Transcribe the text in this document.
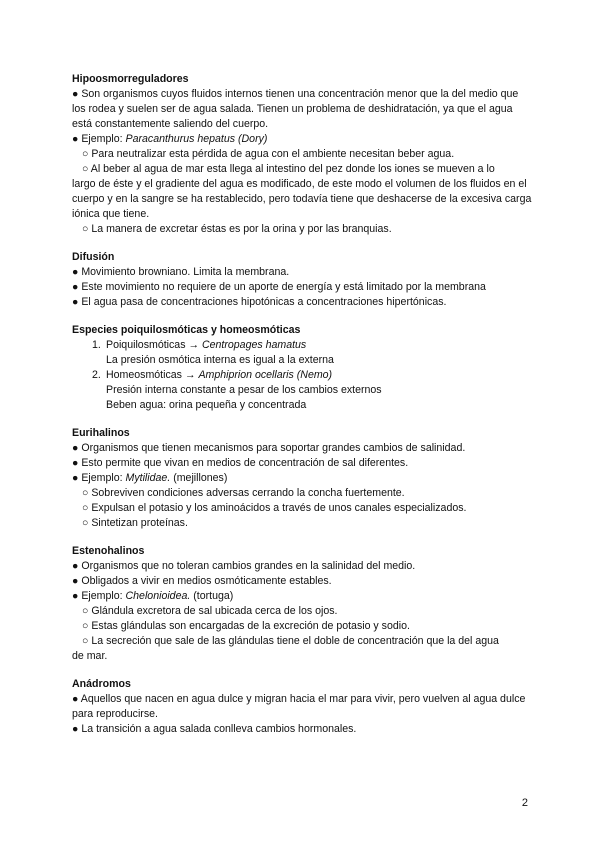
Hipoosmorreguladores

● Son organismos cuyos fluidos internos tienen una concentración menor que la del medio que los rodea y suelen ser de agua salada. Tienen un problema de deshidratación, ya que el agua está constantemente saliendo del cuerpo.

● Ejemplo: Paracanthurus hepatus (Dory)

○ Para neutralizar esta pérdida de agua con el ambiente necesitan beber agua.

○ Al beber al agua de mar esta llega al intestino del pez donde los iones se mueven a lo

largo de éste y el gradiente del agua es modificado, de este modo el volumen de los fluidos en el cuerpo y en la sangre se ha restablecido, pero todavía tiene que deshacerse de la excesiva carga iónica que tiene.

○ La manera de excretar éstas es por la orina y por las branquias.

Difusión

● Movimiento browniano. Limita la membrana.

● Este movimiento no requiere de un aporte de energía y está limitado por la membrana

● El agua pasa de concentraciones hipotónicas a concentraciones hipertónicas.

Especies poiquilosmóticas y homeosmóticas

1. Poiquilosmóticas → Centropages hamatus

La presión osmótica interna es igual a la externa

2. Homeosmóticas → Amphiprion ocellaris (Nemo)

Presión interna constante a pesar de los cambios externos

Beben agua: orina pequeña y concentrada

Eurihalinos

● Organismos que tienen mecanismos para soportar grandes cambios de salinidad.

● Esto permite que vivan en medios de concentración de sal diferentes.

● Ejemplo: Mytilidae. (mejillones)

○ Sobreviven condiciones adversas cerrando la concha fuertemente.

○ Expulsan el potasio y los aminoácidos a través de unos canales especializados.

○ Sintetizan proteínas.

Estenohalinos

● Organismos que no toleran cambios grandes en la salinidad del medio.

● Obligados a vivir en medios osmóticamente estables.

● Ejemplo: Chelonioidea. (tortuga)

○ Glándula excretora de sal ubicada cerca de los ojos.

○ Estas glándulas son encargadas de la excreción de potasio y sodio.

○ La secreción que sale de las glándulas tiene el doble de concentración que la del agua

de mar.

Anádromos

● Aquellos que nacen en agua dulce y migran hacia el mar para vivir, pero vuelven al agua dulce para reproducirse.

● La transición a agua salada conlleva cambios hormonales.

2
